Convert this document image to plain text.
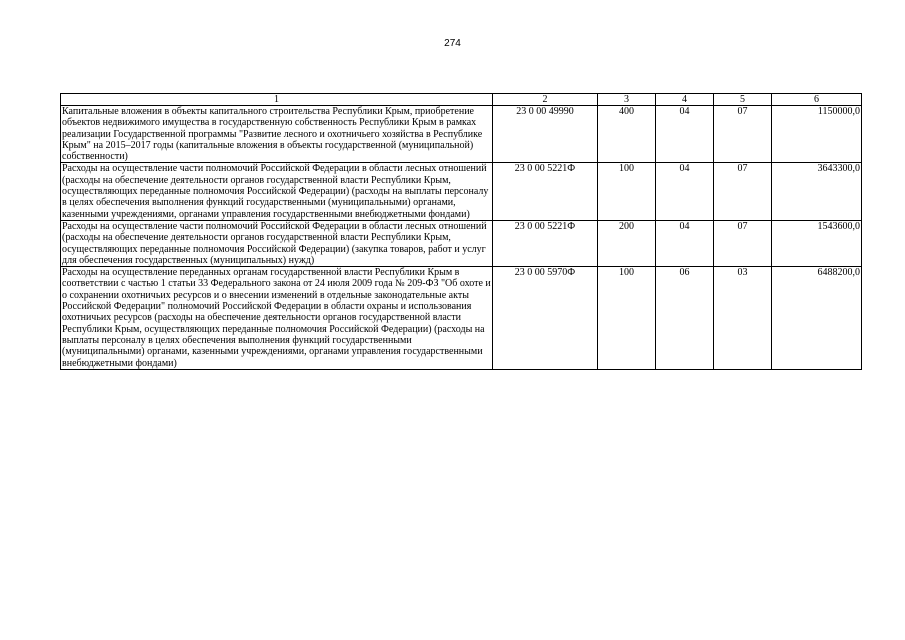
274
1	2	3	4	5	6
Капитальные вложения в объекты капитального строительства Республики Крым, приобретение объектов недвижимого имущества в государственную собственность Республики Крым в рамках реализации Государственной программы "Развитие лесного и охотничьего хозяйства в Республике Крым" на 2015–2017 годы (капитальные вложения в объекты государственной (муниципальной) собственности)	23 0 00 49990	400	04	07	1150000,0
Расходы на осуществление части полномочий Российской Федерации в области лесных отношений (расходы на обеспечение деятельности органов государственной власти Республики Крым, осуществляющих переданные полномочия Российской Федерации) (расходы на выплаты персоналу в целях обеспечения выполнения функций государственными (муниципальными) органами, казенными учреждениями, органами управления государственными внебюджетными фондами)	23 0 00 5221Ф	100	04	07	3643300,0
Расходы на осуществление части полномочий Российской Федерации в области лесных отношений (расходы на обеспечение деятельности органов государственной власти Республики Крым, осуществляющих переданные полномочия Российской Федерации) (закупка товаров, работ и услуг для обеспечения государственных (муниципальных) нужд)	23 0 00 5221Ф	200	04	07	1543600,0
Расходы на осуществление переданных органам государственной власти Республики Крым в соответствии с частью 1 статьи 33 Федерального закона от 24 июля 2009 года № 209-ФЗ "Об охоте и о сохранении охотничьих ресурсов и о внесении изменений в отдельные законодательные акты Российской Федерации" полномочий Российской Федерации в области охраны и использования охотничьих ресурсов (расходы на обеспечение деятельности органов государственной власти Республики Крым, осуществляющих переданные полномочия Российской Федерации) (расходы на выплаты персоналу в целях обеспечения выполнения функций государственными (муниципальными) органами, казенными учреждениями, органами управления государственными внебюджетными фондами)	23 0 00 5970Ф	100	06	03	6488200,0
